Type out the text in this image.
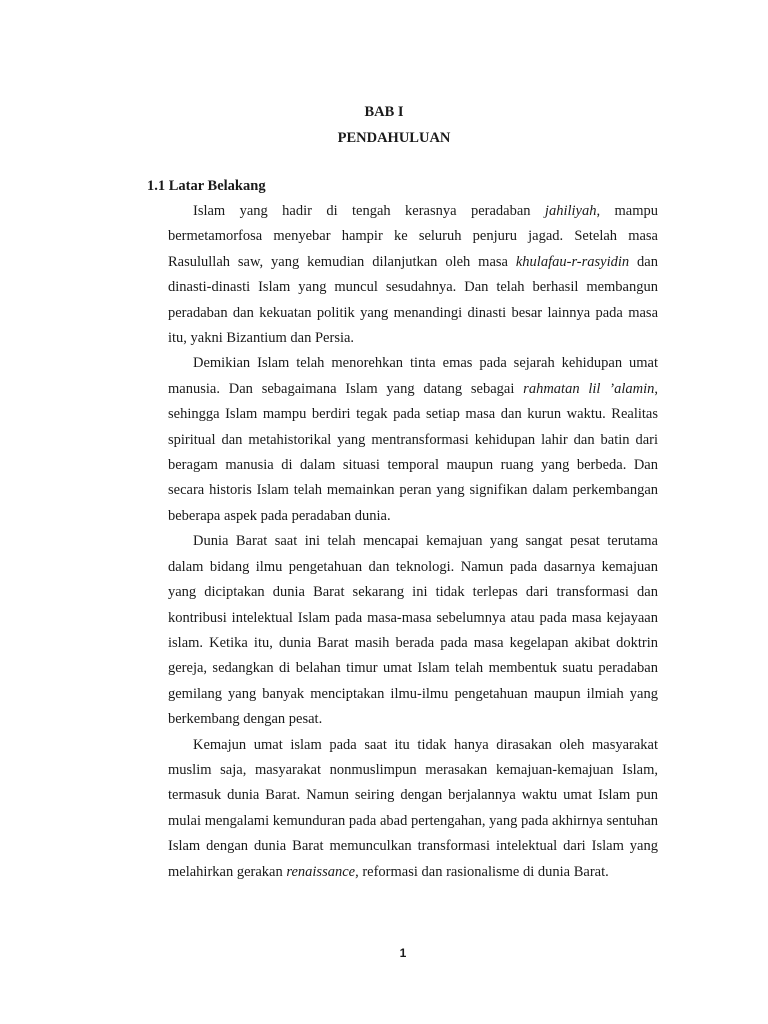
BAB I
PENDAHULUAN
1.1 Latar Belakang

Islam yang hadir di tengah kerasnya peradaban jahiliyah, mampu bermetamorfosa menyebar hampir ke seluruh penjuru jagad. Setelah masa Rasulullah saw, yang kemudian dilanjutkan oleh masa khulafau-r-rasyidin dan dinasti-dinasti Islam yang muncul sesudahnya. Dan telah berhasil membangun peradaban dan kekuatan politik yang menandingi dinasti besar lainnya pada masa itu, yakni Bizantium dan Persia.

Demikian Islam telah menorehkan tinta emas pada sejarah kehidupan umat manusia. Dan sebagaimana Islam yang datang sebagai rahmatan lil ’alamin, sehingga Islam mampu berdiri tegak pada setiap masa dan kurun waktu. Realitas spiritual dan metahistorikal yang mentransformasi kehidupan lahir dan batin dari beragam manusia di dalam situasi temporal maupun ruang yang berbeda. Dan secara historis Islam telah memainkan peran yang signifikan dalam perkembangan beberapa aspek pada peradaban dunia.

Dunia Barat saat ini telah mencapai kemajuan yang sangat pesat terutama dalam bidang ilmu pengetahuan dan teknologi. Namun pada dasarnya kemajuan yang diciptakan dunia Barat sekarang ini tidak terlepas dari transformasi dan kontribusi intelektual Islam pada masa-masa sebelumnya atau pada masa kejayaan islam. Ketika itu, dunia Barat masih berada pada masa kegelapan akibat doktrin gereja, sedangkan di belahan timur umat Islam telah membentuk suatu peradaban gemilang yang banyak menciptakan ilmu-ilmu pengetahuan maupun ilmiah yang berkembang dengan pesat.

Kemajun umat islam pada saat itu tidak hanya dirasakan oleh masyarakat muslim saja, masyarakat nonmuslimpun merasakan kemajuan-kemajuan Islam, termasuk dunia Barat. Namun seiring dengan berjalannya waktu umat Islam pun mulai mengalami kemunduran pada abad pertengahan, yang pada akhirnya sentuhan Islam dengan dunia Barat memunculkan transformasi intelektual dari Islam yang melahirkan gerakan renaissance, reformasi dan rasionalisme di dunia Barat.

1
